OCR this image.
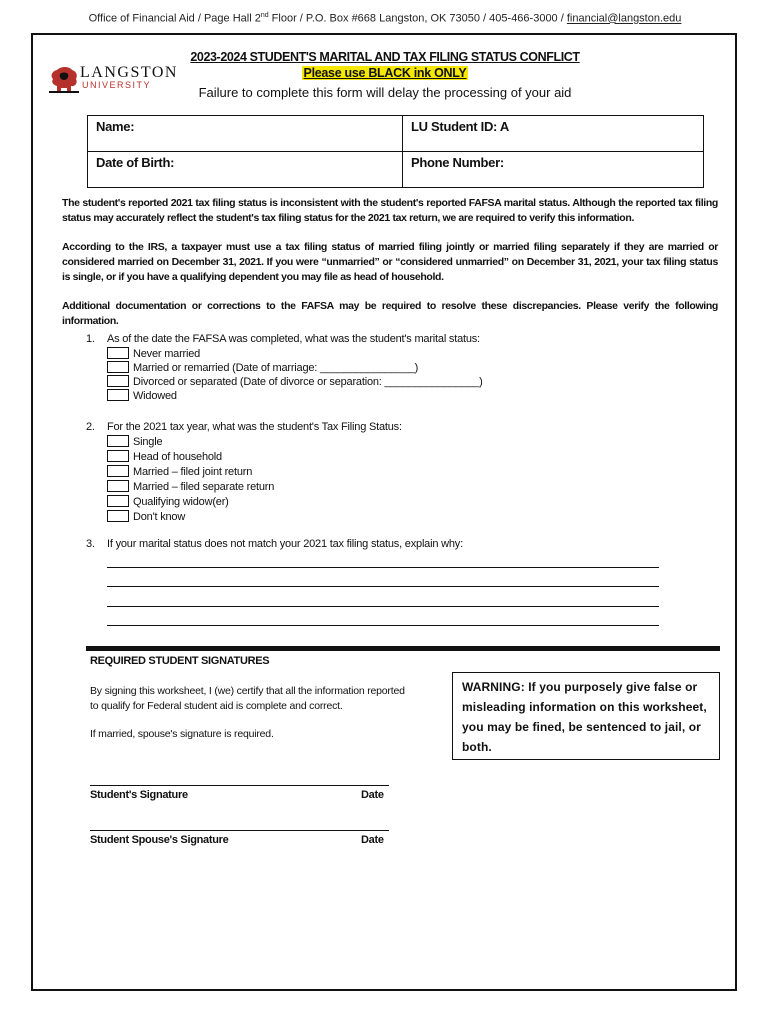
Office of Financial Aid / Page Hall 2nd Floor / P.O. Box #668 Langston, OK 73050 / 405-466-3000 / financial@langston.edu
LANGSTON
UNIVERSITY
2023-2024 STUDENT'S MARITAL AND TAX FILING STATUS CONFLICT
Please use BLACK ink ONLY
Failure to complete this form will delay the processing of your aid
Name:	LU Student ID: A
Date of Birth:	Phone Number:
The student's reported 2021 tax filing status is inconsistent with the student's reported FAFSA marital status. Although the reported tax filing status may accurately reflect the student's tax filing status for the 2021 tax return, we are required to verify this information.
According to the IRS, a taxpayer must use a tax filing status of married filing jointly or married filing separately if they are married or considered married on December 31, 2021. If you were “unmarried” or “considered unmarried” on December 31, 2021, your tax filing status is single, or if you have a qualifying dependent you may file as head of household.
Additional documentation or corrections to the FAFSA may be required to resolve these discrepancies. Please verify the following information.
1. As of the date the FAFSA was completed, what was the student's marital status:
Never married
Married or remarried (Date of marriage: ________________)
Divorced or separated (Date of divorce or separation: ________________)
Widowed
2. For the 2021 tax year, what was the student's Tax Filing Status:
Single
Head of household
Married – filed joint return
Married – filed separate return
Qualifying widow(er)
Don't know
3. If your marital status does not match your 2021 tax filing status, explain why:
REQUIRED STUDENT SIGNATURES
By signing this worksheet, I (we) certify that all the information reported to qualify for Federal student aid is complete and correct.
If married, spouse's signature is required.
WARNING: If you purposely give false or misleading information on this worksheet, you may be fined, be sentenced to jail, or both.
Student's Signature	Date
Student Spouse's Signature	Date
